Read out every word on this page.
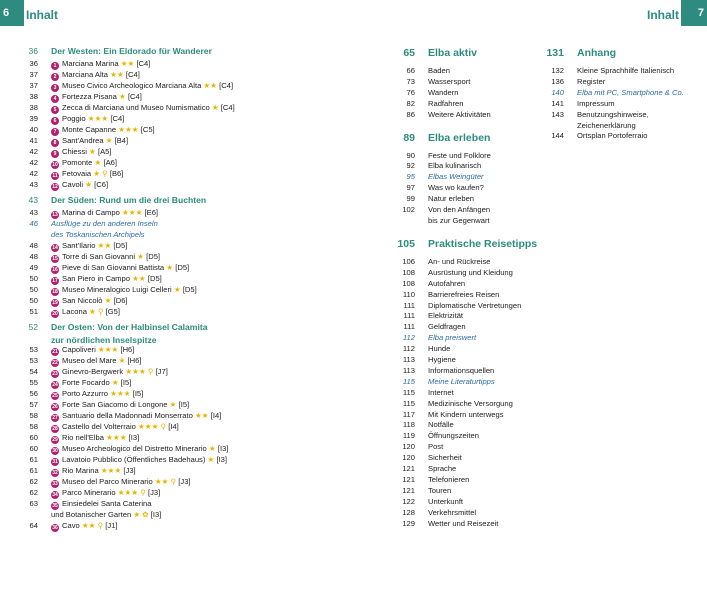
6	7
Inhalt	Inhalt
36	Der Westen: Ein Eldorado für Wanderer
36	1 Marciana Marina ★★ [C4]
37	2 Marciana Alta ★★ [C4]
37	3 Museo Civico Archeologico Marciana Alta ★★ [C4]
38	4 Fortezza Pisana ★ [C4]
38	5 Zecca di Marciana und Museo Numismatico ★ [C4]
39	6 Poggio ★★★ [C4]
40	7 Monte Capanne ★★★ [C5]
41	8 Sant'Andrea ★ [B4]
42	9 Chiessi ★ [A5]
42	10 Pomonte ★ [A6]
42	11 Fetovaia ★ ⚲ [B6]
43	12 Cavoli ★ [C6]
43	Der Süden: Rund um die drei Buchten
43	13 Marina di Campo ★★★ [E6]
46	Ausflüge zu den anderen Inseln
des Toskanischen Archipels
48	14 Sant'Ilario ★★ [D5]
48	15 Torre di San Giovanni ★ [D5]
49	16 Pieve di San Giovanni Battista ★ [D5]
50	17 San Piero in Campo ★★ [D5]
50	18 Museo Mineralogico Luigi Celleri ★ [D5]
50	19 San Niccolò ★ [D6]
51	20 Lacona ★ ⚲ [G5]
52	Der Osten: Von der Halbinsel Calamita
zur nördlichen Inselspitze
53	21 Capoliveri ★★★ [H6]
53	22 Museo del Mare ★ [H6]
54	23 Ginevro-Bergwerk ★★★ ⚲ [J7]
55	24 Forte Focardo ★ [I5]
56	25 Porto Azzurro ★★★ [I5]
57	26 Forte San Giacomo di Longone ★ [I5]
58	27 Santuario della Madonnadi Monserrato ★★ [I4]
58	28 Castello del Volterraio ★★★ ⚲ [I4]
60	29 Rio nell'Elba ★★★ [I3]
60	30 Museo Archeologico del Distretto Minerario ★ [I3]
61	31 Lavatoio Pubblico (Öffentliches Badehaus) ★ [I3]
61	32 Rio Marina ★★★ [J3]
62	33 Museo del Parco Minerario ★★ ⚲ [J3]
62	34 Parco Minerario ★★★ ⚲ [J3]
63	35 Einsiedelei Santa Caterina
und Botanischer Garten ★ ✿ [I3]
64	36 Cavo ★★ ⚲ [J1]
65	Elba aktiv
66	Baden
73	Wassersport
76	Wandern
82	Radfahren
86	Weitere Aktivitäten
89	Elba erleben
90	Feste und Folklore
92	Elba kulinarisch
95	Elbas Weingüter
97	Was wo kaufen?
99	Natur erleben
102	Von den Anfängen
bis zur Gegenwart
105	Praktische Reisetipps
106	An- und Rückreise
108	Ausrüstung und Kleidung
108	Autofahren
110	Barrierefreies Reisen
111	Diplomatische Vertretungen
111	Elektrizität
111	Geldfragen
112	Elba preiswert
112	Hunde
113	Hygiene
113	Informationsquellen
115	Meine Literaturtipps
115	Internet
115	Medizinische Versorgung
117	Mit Kindern unterwegs
118	Notfälle
119	Öffnungszeiten
120	Post
120	Sicherheit
121	Sprache
121	Telefonieren
121	Touren
122	Unterkunft
128	Verkehrsmittel
129	Wetter und Reisezeit
131	Anhang
132	Kleine Sprachhilfe Italienisch
136	Register
140	Elba mit PC, Smartphone & Co.
141	Impressum
143	Benutzungshinweise,
Zeichenerklärung
144	Ortsplan Portoferraio
